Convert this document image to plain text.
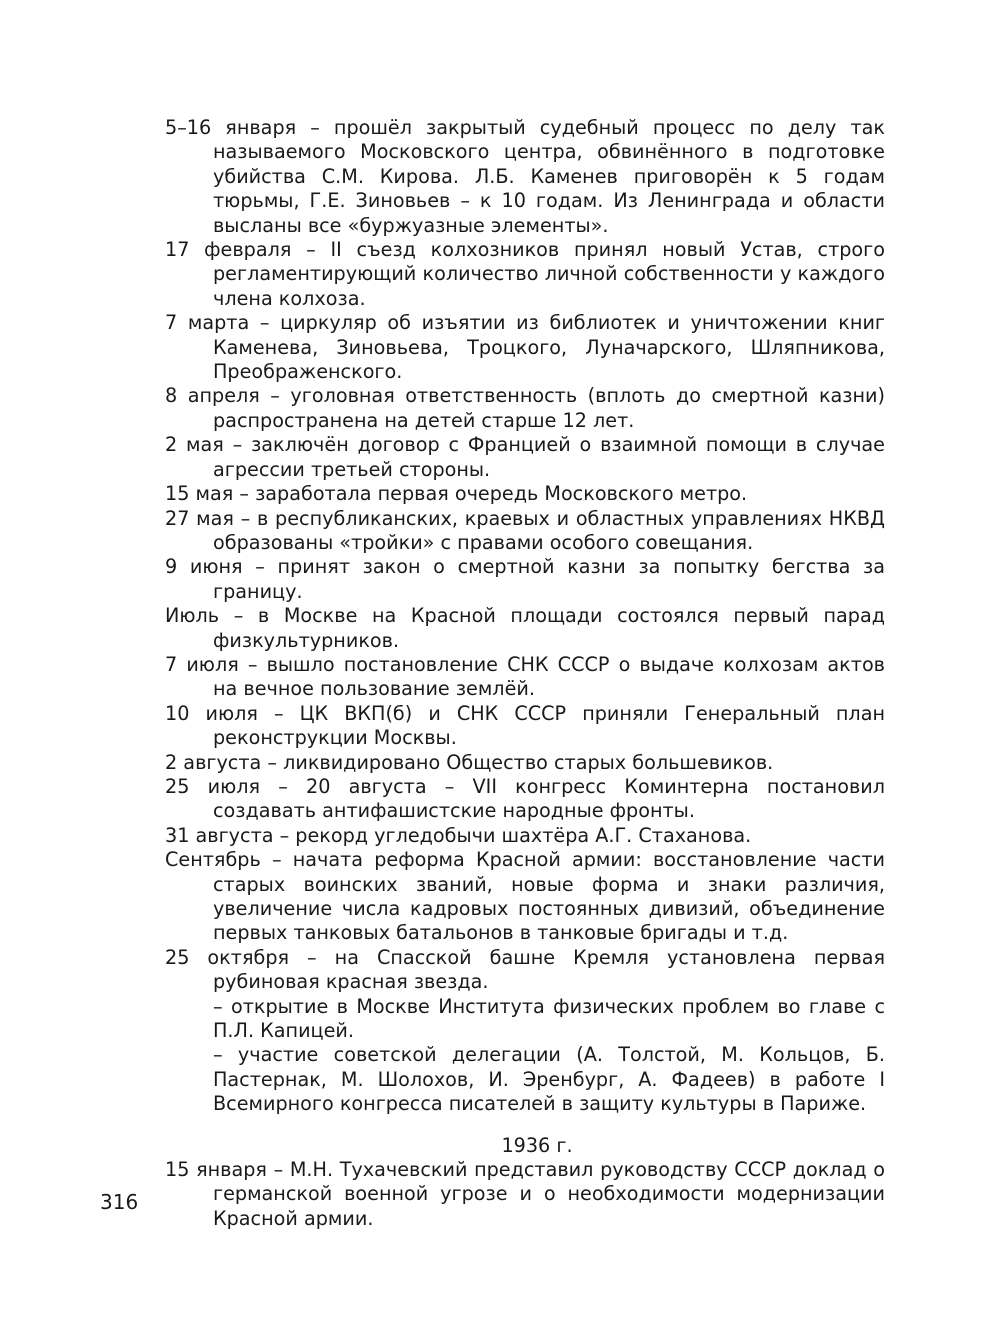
5–16 января – прошёл закрытый судебный процесс по делу так называемого Московского центра, обвинённого в подготовке убийства С.М. Кирова. Л.Б. Каменев приговорён к 5 годам тюрьмы, Г.Е. Зиновьев – к 10 годам. Из Ленинграда и области высланы все «буржуазные элементы».

17 февраля – II съезд колхозников принял новый Устав, строго регламентирующий количество личной собственности у каждого члена колхоза.

7 марта – циркуляр об изъятии из библиотек и уничтожении книг Каменева, Зиновьева, Троцкого, Луначарского, Шляпникова, Преображенского.

8 апреля – уголовная ответственность (вплоть до смертной казни) распространена на детей старше 12 лет.

2 мая – заключён договор с Францией о взаимной помощи в случае агрессии третьей стороны.

15 мая – заработала первая очередь Московского метро.

27 мая – в республиканских, краевых и областных управлениях НКВД образованы «тройки» с правами особого совещания.

9 июня – принят закон о смертной казни за попытку бегства за границу.

Июль – в Москве на Красной площади состоялся первый парад физкультурников.

7 июля – вышло постановление СНК СССР о выдаче колхозам актов на вечное пользование землёй.

10 июля – ЦК ВКП(б) и СНК СССР приняли Генеральный план реконструкции Москвы.

2 августа – ликвидировано Общество старых большевиков.

25 июля – 20 августа – VII конгресс Коминтерна постановил создавать антифашистские народные фронты.

31 августа – рекорд угледобычи шахтёра А.Г. Стаханова.

Сентябрь – начата реформа Красной армии: восстановление части старых воинских званий, новые форма и знаки различия, увеличение числа кадровых постоянных дивизий, объединение первых танковых батальонов в танковые бригады и т.д.

25 октября – на Спасской башне Кремля установлена первая рубиновая красная звезда.

– открытие в Москве Института физических проблем во главе с П.Л. Капицей.

– участие советской делегации (А. Толстой, М. Кольцов, Б. Пастернак, М. Шолохов, И. Эренбург, А. Фадеев) в работе I Всемирного конгресса писателей в защиту культуры в Париже.

1936 г.

15 января – М.Н. Тухачевский представил руководству СССР доклад о германской военной угрозе и о необходимости модернизации Красной армии.

316
